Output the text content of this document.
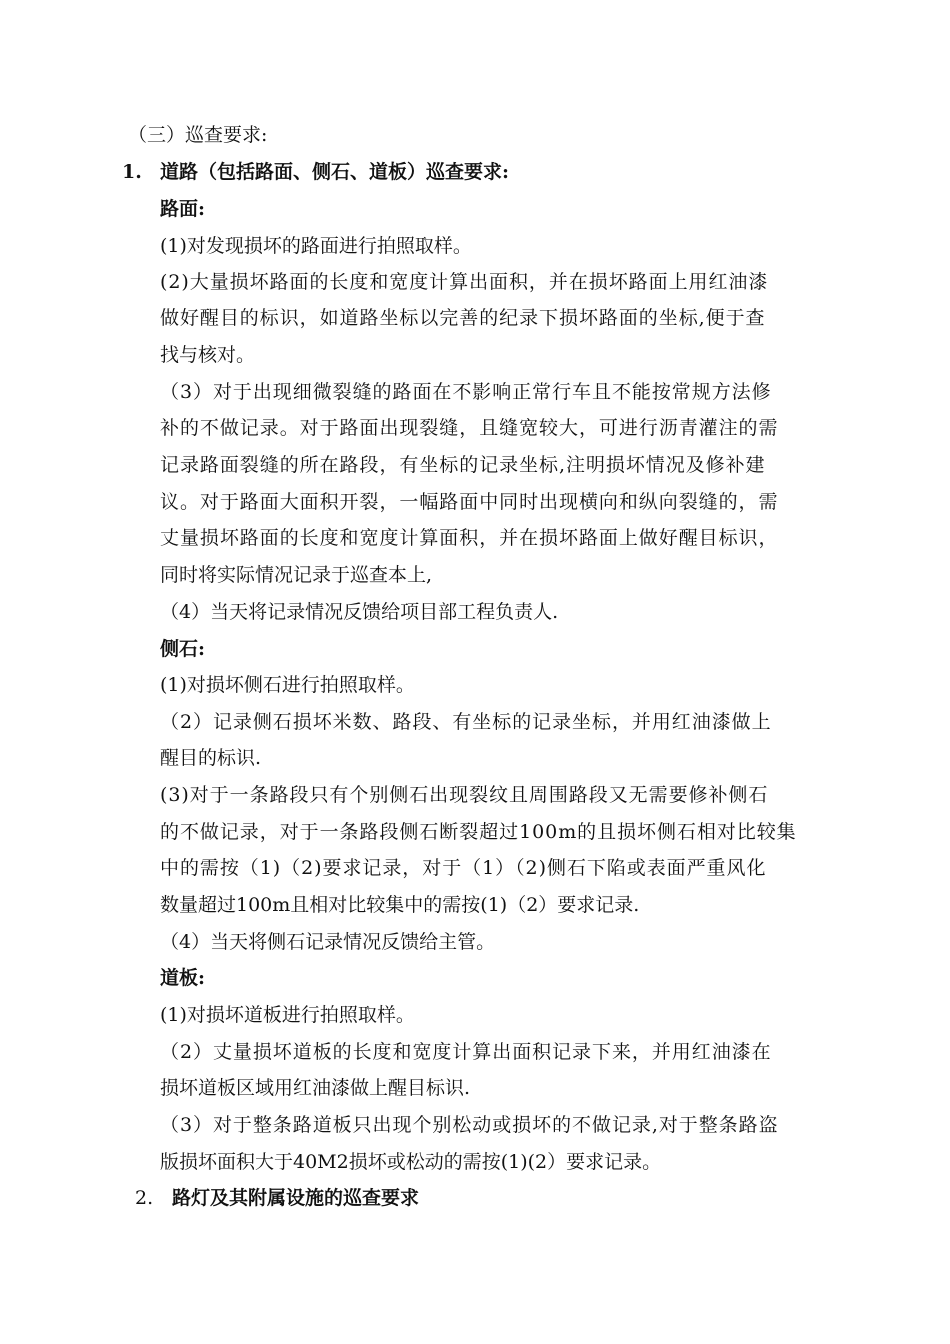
（三）巡查要求:
1. 道路（包括路面、侧石、道板）巡查要求:
路面:
(1)对发现损坏的路面进行拍照取样。
(2)大量损坏路面的长度和宽度计算出面积，并在损坏路面上用红油漆
做好醒目的标识，如道路坐标以完善的纪录下损坏路面的坐标,便于查
找与核对。
（3）对于出现细微裂缝的路面在不影响正常行车且不能按常规方法修
补的不做记录。对于路面出现裂缝，且缝宽较大，可进行沥青灌注的需
记录路面裂缝的所在路段，有坐标的记录坐标,注明损坏情况及修补建
议。对于路面大面积开裂，一幅路面中同时出现横向和纵向裂缝的，需
丈量损坏路面的长度和宽度计算面积，并在损坏路面上做好醒目标识，
同时将实际情况记录于巡查本上,
（4）当天将记录情况反馈给项目部工程负责人.
侧石:
(1)对损坏侧石进行拍照取样。
（2）记录侧石损坏米数、路段、有坐标的记录坐标，并用红油漆做上
醒目的标识.
(3)对于一条路段只有个别侧石出现裂纹且周围路段又无需要修补侧石
的不做记录，对于一条路段侧石断裂超过100m的且损坏侧石相对比较集
中的需按（1)（2)要求记录，对于（1）（2)侧石下陷或表面严重风化
数量超过100m且相对比较集中的需按(1)（2）要求记录.
（4）当天将侧石记录情况反馈给主管。
道板:
(1)对损坏道板进行拍照取样。
（2）丈量损坏道板的长度和宽度计算出面积记录下来，并用红油漆在
损坏道板区域用红油漆做上醒目标识.
（3）对于整条路道板只出现个别松动或损坏的不做记录,对于整条路盗
版损坏面积大于40M2损坏或松动的需按(1)(2）要求记录。
2. 路灯及其附属设施的巡查要求
